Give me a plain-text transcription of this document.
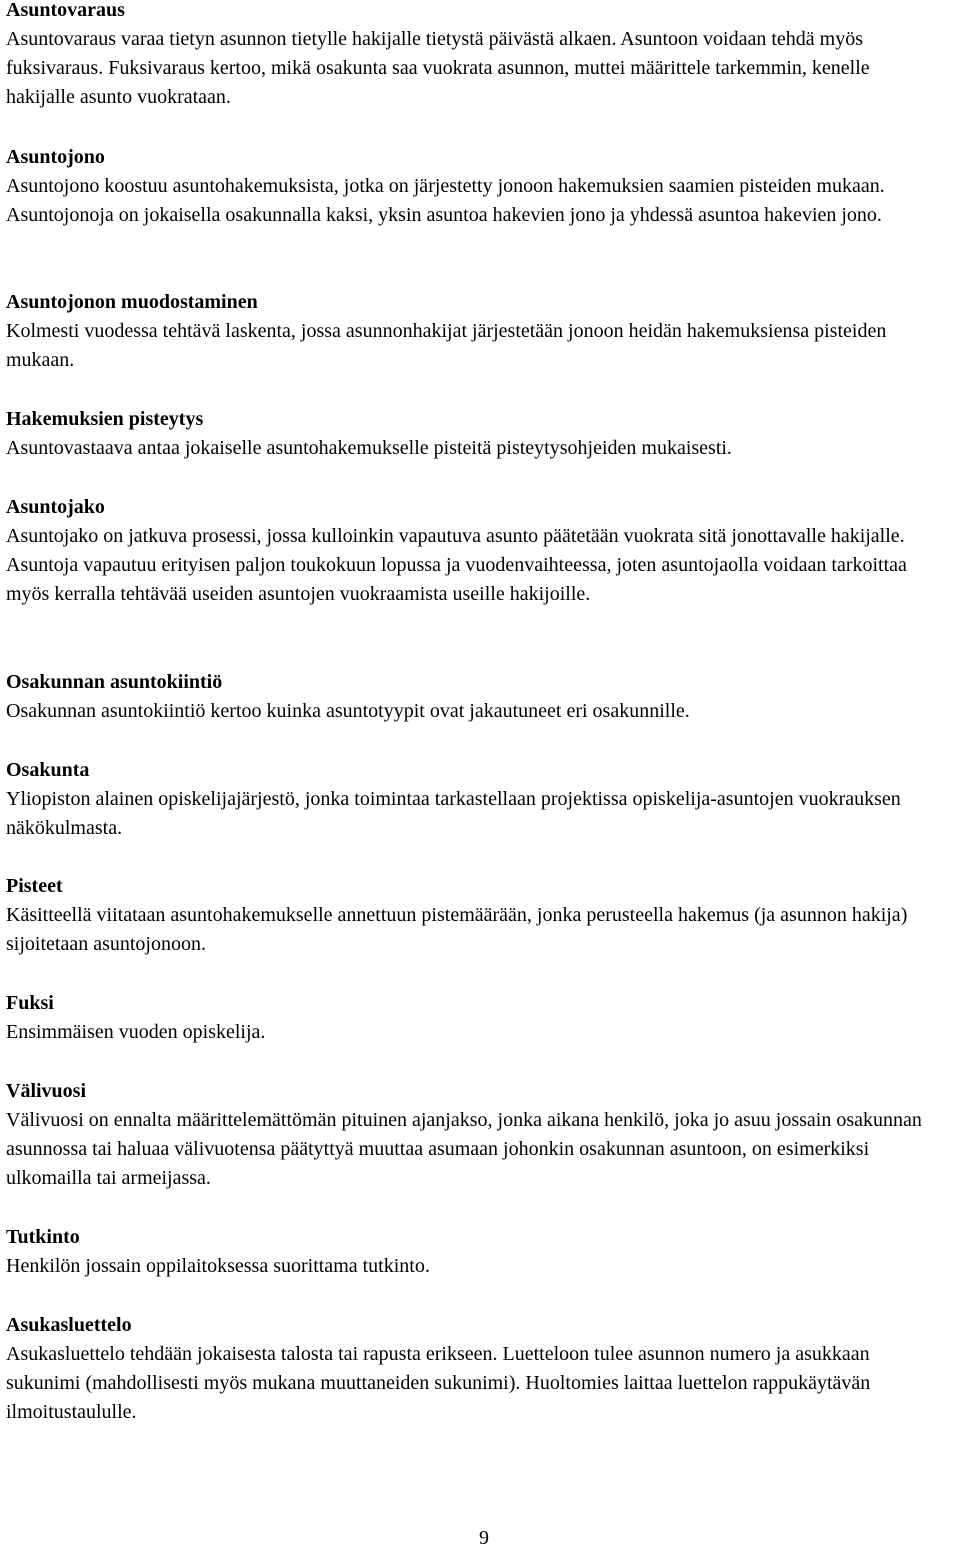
Asuntovaraus

Asuntovaraus varaa tietyn asunnon tietylle hakijalle tietystä päivästä alkaen. Asuntoon voidaan tehdä myös fuksivaraus. Fuksivaraus kertoo, mikä osakunta saa vuokrata asunnon, muttei määrittele tarkemmin, kenelle hakijalle asunto vuokrataan.

Asuntojono

Asuntojono koostuu asuntohakemuksista, jotka on järjestetty jonoon hakemuksien saamien pisteiden mukaan. Asuntojonoja on jokaisella osakunnalla kaksi, yksin asuntoa hakevien jono ja yhdessä asuntoa hakevien jono.

Asuntojonon muodostaminen

Kolmesti vuodessa tehtävä laskenta, jossa asunnonhakijat järjestetään jonoon heidän hakemuksiensa pisteiden mukaan.

Hakemuksien pisteytys

Asuntovastaava antaa jokaiselle asuntohakemukselle pisteitä pisteytysohjeiden mukaisesti.

Asuntojako

Asuntojako on jatkuva prosessi, jossa kulloinkin vapautuva asunto päätetään vuokrata sitä jonottavalle hakijalle. Asuntoja vapautuu erityisen paljon toukokuun lopussa ja vuodenvaihteessa, joten asuntojaolla voidaan tarkoittaa myös kerralla tehtävää useiden asuntojen vuokraamista useille hakijoille.

Osakunnan asuntokiintiö

Osakunnan asuntokiintiö kertoo kuinka asuntotyypit ovat jakautuneet eri osakunnille.

Osakunta

Yliopiston alainen opiskelijajärjestö, jonka toimintaa tarkastellaan projektissa opiskelija-asuntojen vuokrauksen näkökulmasta.

Pisteet

Käsitteellä viitataan asuntohakemukselle annettuun pistemäärään, jonka perusteella hakemus (ja asunnon hakija) sijoitetaan asuntojonoon.

Fuksi

Ensimmäisen vuoden opiskelija.

Välivuosi

Välivuosi on ennalta määrittelemättömän pituinen ajanjakso, jonka aikana henkilö, joka jo asuu jossain osakunnan asunnossa tai haluaa välivuotensa päätyttyä muuttaa asumaan johonkin osakunnan asuntoon, on esimerkiksi ulkomailla tai armeijassa.

Tutkinto

Henkilön jossain oppilaitoksessa suorittama tutkinto.

Asukasluettelo

Asukasluettelo tehdään jokaisesta talosta tai rapusta erikseen. Luetteloon tulee asunnon numero ja asukkaan sukunimi (mahdollisesti myös mukana muuttaneiden sukunimi). Huoltomies laittaa luettelon rappukäytävän ilmoitustaululle.

9
